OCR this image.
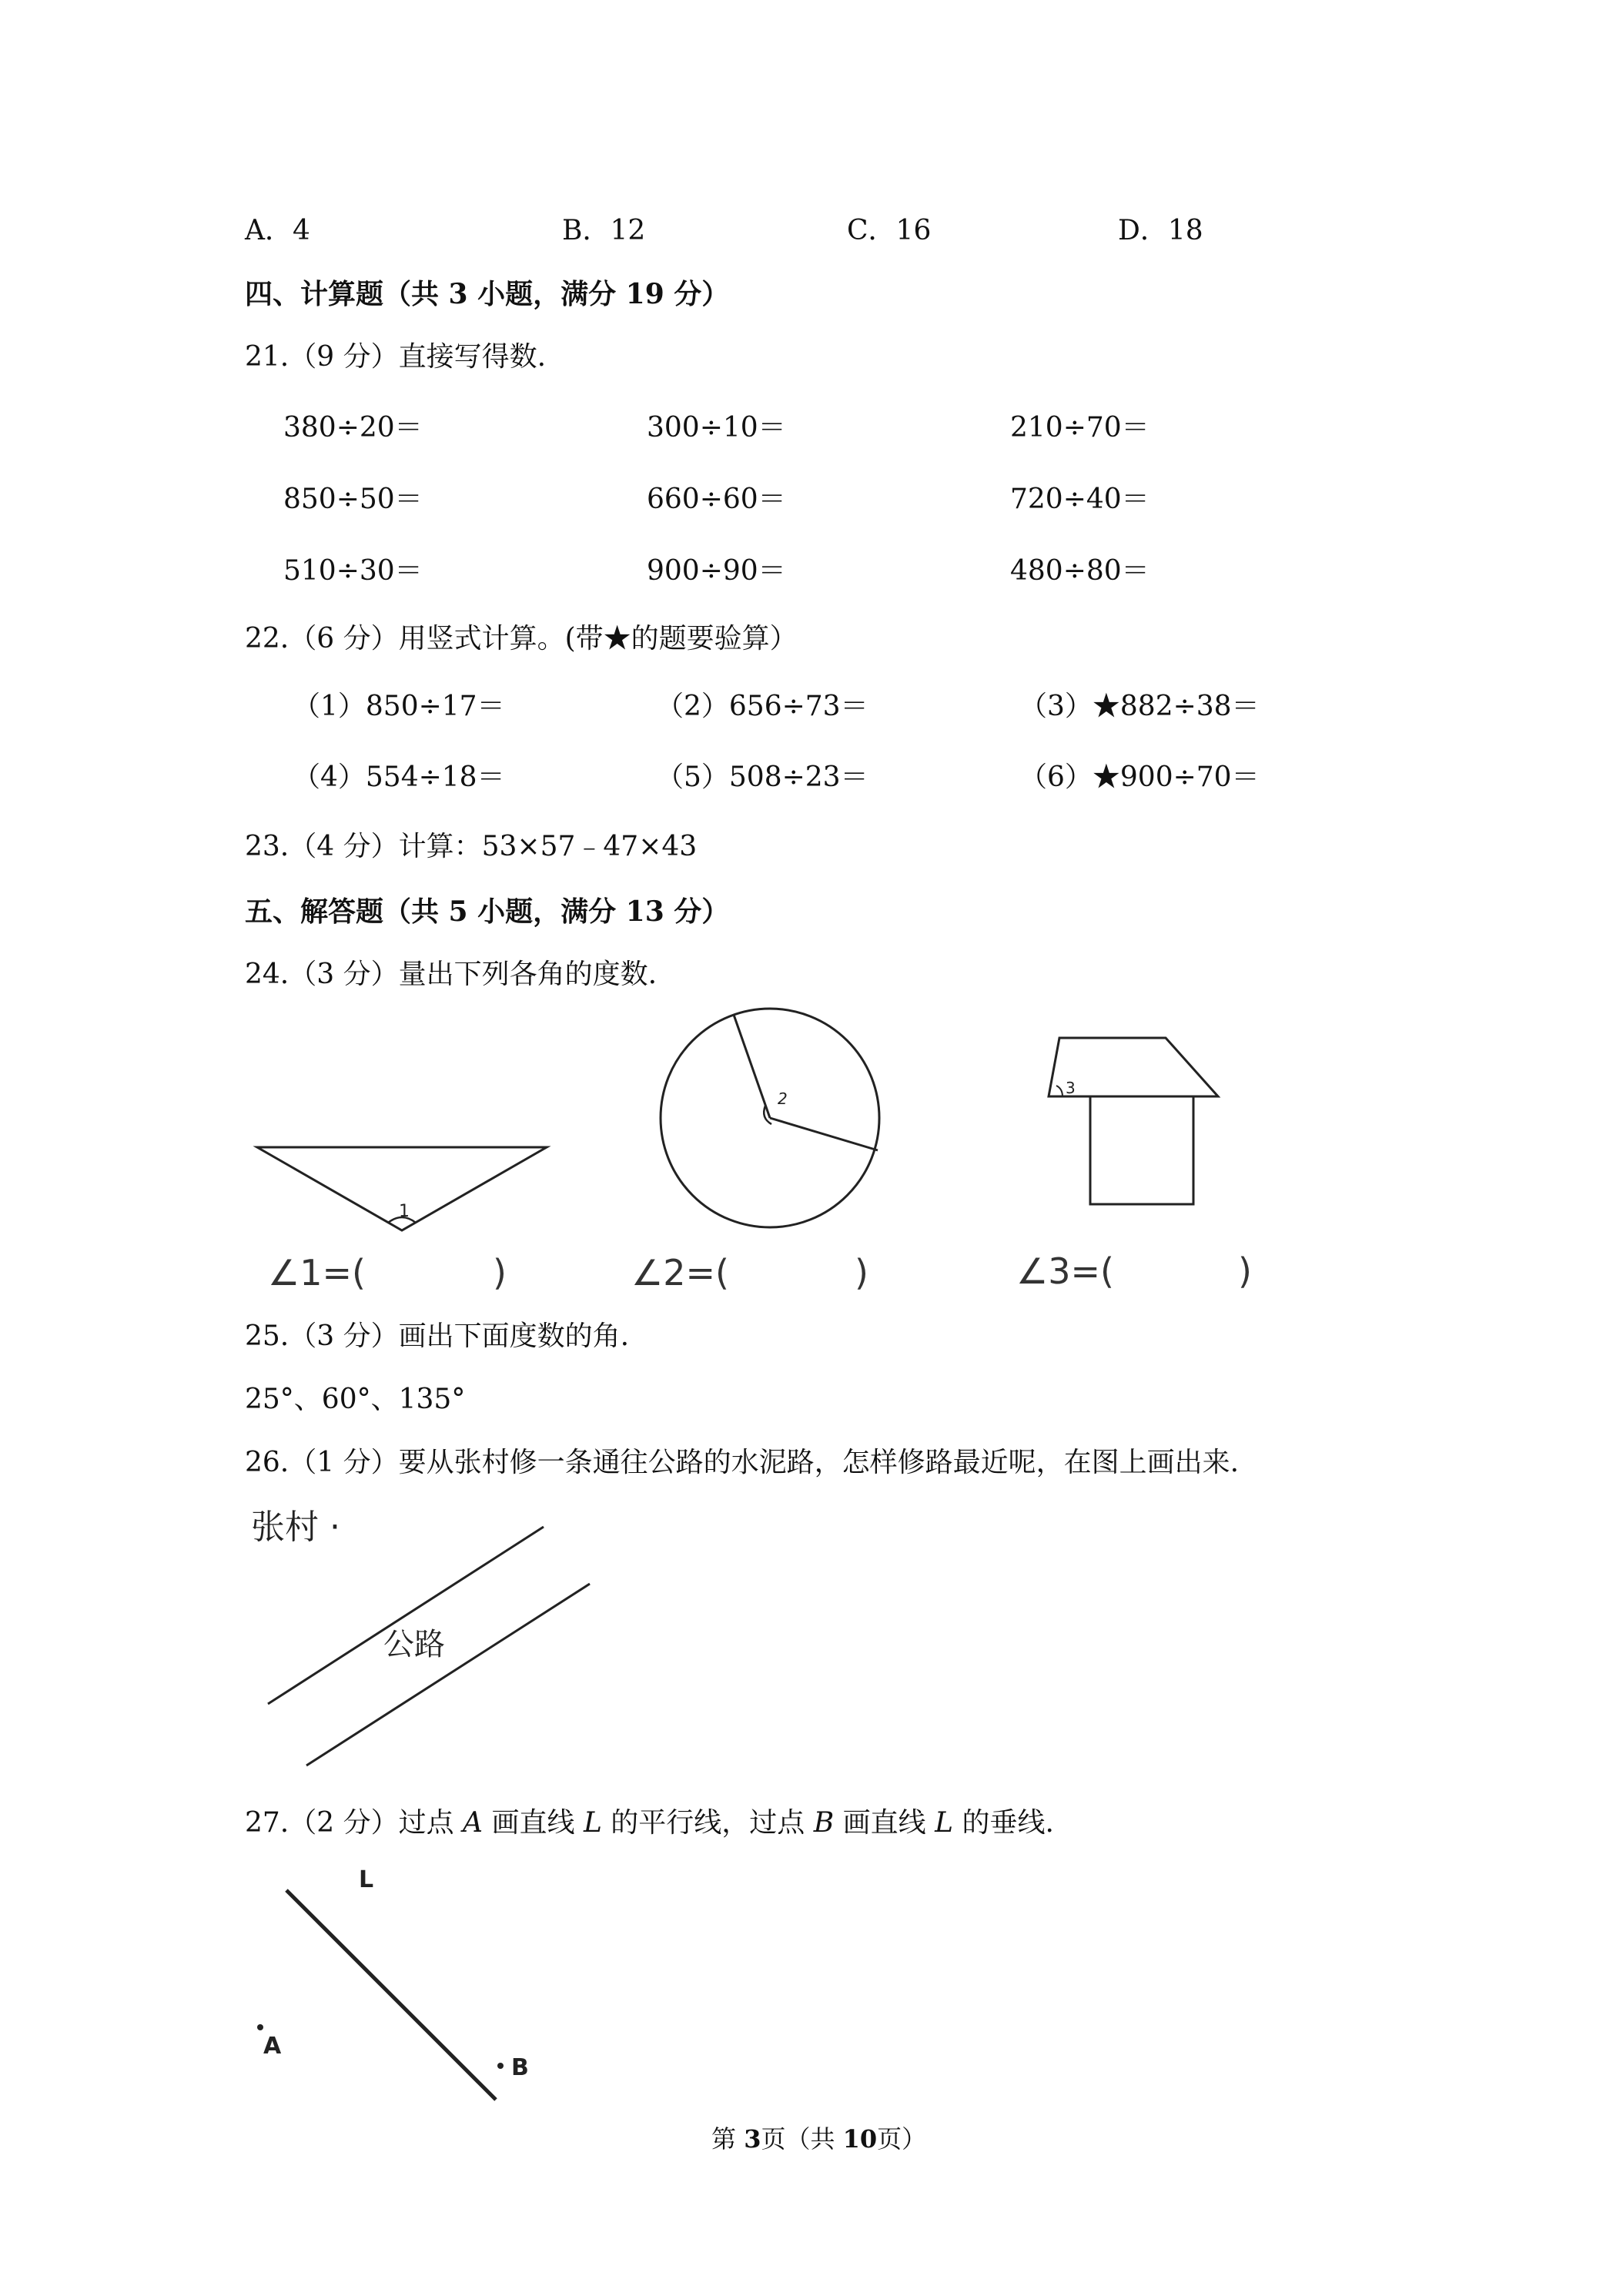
A．4	B．12	C．16	D．18
四、计算题（共 3 小题，满分 19 分）
21.（9 分）直接写得数.
380÷20＝	300÷10＝	210÷70＝
850÷50＝	660÷60＝	720÷40＝
510÷30＝	900÷90＝	480÷80＝
22.（6 分）用竖式计算。(带★的题要验算）
（1）850÷17＝	（2）656÷73＝	（3）★882÷38＝
（4）554÷18＝	（5）508÷23＝	（6）★900÷70＝
23.（4 分）计算：53×57﹣47×43
五、解答题（共 5 小题，满分 13 分）
24.（3 分）量出下列各角的度数.
1
2
3
∠1=(	)	∠2=(	)	∠3=(	)
25.（3 分）画出下面度数的角.
25°、60°、135°
26.（1 分）要从张村修一条通往公路的水泥路，怎样修路最近呢，在图上画出来.
张村 ·
公路
27.（2 分）过点 A 画直线 L 的平行线，过点 B 画直线 L 的垂线.
L
A
B
第 3页（共 10页）
